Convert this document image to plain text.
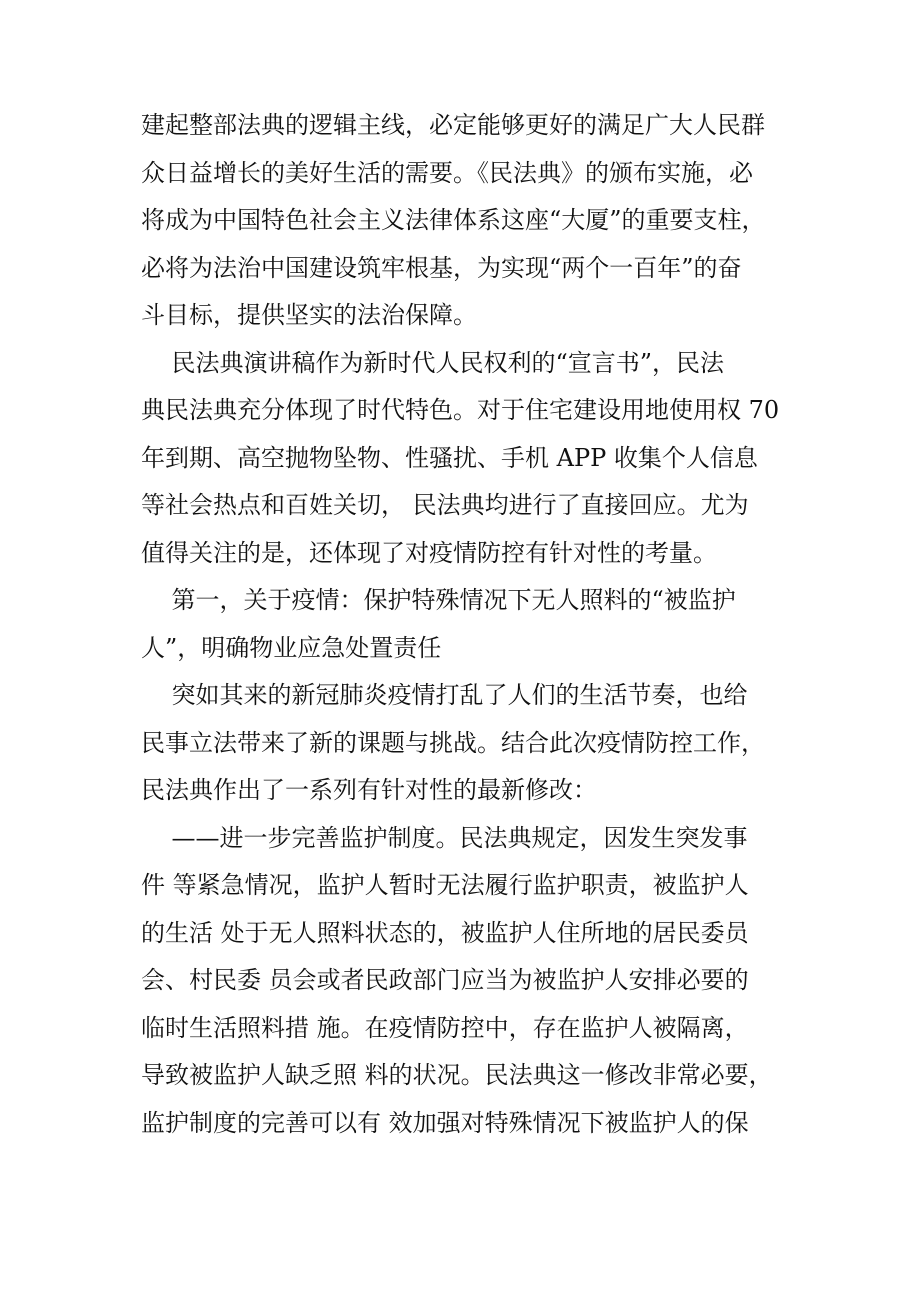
建起整部法典的逻辑主线，必定能够更好的满足广大人民群
众日益增长的美好生活的需要。《民法典》的颁布实施，必
将成为中国特色社会主义法律体系这座“大厦”的重要支柱，
必将为法治中国建设筑牢根基，为实现“两个一百年”的奋
斗目标，提供坚实的法治保障。
民法典演讲稿作为新时代人民权利的“宣言书”，民法
典民法典充分体现了时代特色。对于住宅建设用地使用权 70
年到期、高空抛物坠物、性骚扰、手机 APP 收集个人信息
等社会热点和百姓关切， 民法典均进行了直接回应。尤为
值得关注的是，还体现了对疫情防控有针对性的考量。
第一，关于疫情：保护特殊情况下无人照料的“被监护
人”，明确物业应急处置责任
突如其来的新冠肺炎疫情打乱了人们的生活节奏，也给
民事立法带来了新的课题与挑战。结合此次疫情防控工作，
民法典作出了一系列有针对性的最新修改：
——进一步完善监护制度。民法典规定，因发生突发事
件 等紧急情况，监护人暂时无法履行监护职责，被监护人
的生活 处于无人照料状态的，被监护人住所地的居民委员
会、村民委 员会或者民政部门应当为被监护人安排必要的
临时生活照料措 施。在疫情防控中，存在监护人被隔离，
导致被监护人缺乏照 料的状况。民法典这一修改非常必要，
监护制度的完善可以有 效加强对特殊情况下被监护人的保
